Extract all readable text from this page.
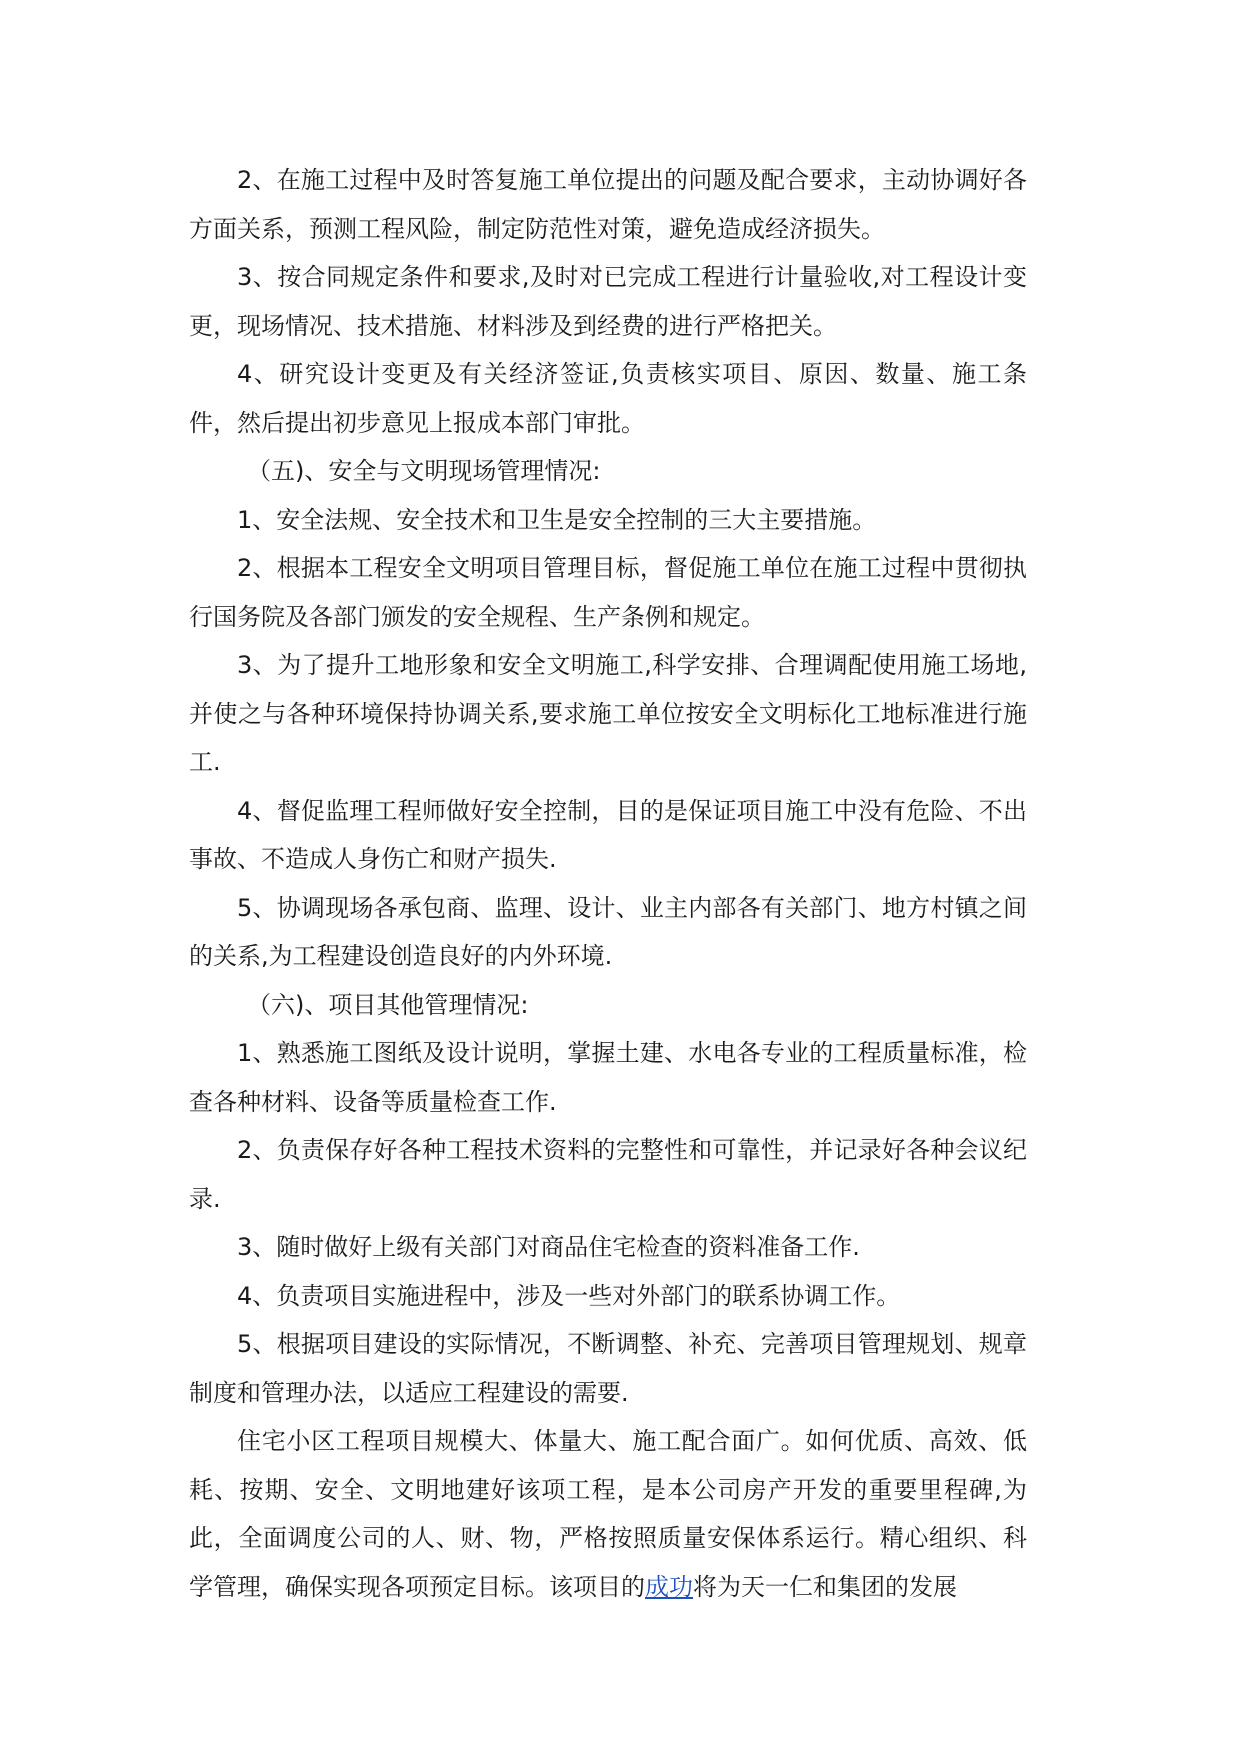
2、在施工过程中及时答复施工单位提出的问题及配合要求，主动协调好各方面关系，预测工程风险，制定防范性对策，避免造成经济损失。

3、按合同规定条件和要求,及时对已完成工程进行计量验收,对工程设计变更，现场情况、技术措施、材料涉及到经费的进行严格把关。

4、研究设计变更及有关经济签证,负责核实项目、原因、数量、施工条件，然后提出初步意见上报成本部门审批。

（五)、安全与文明现场管理情况:

1、安全法规、安全技术和卫生是安全控制的三大主要措施。

2、根据本工程安全文明项目管理目标，督促施工单位在施工过程中贯彻执行国务院及各部门颁发的安全规程、生产条例和规定。

3、为了提升工地形象和安全文明施工,科学安排、合理调配使用施工场地,并使之与各种环境保持协调关系,要求施工单位按安全文明标化工地标准进行施工.

4、督促监理工程师做好安全控制，目的是保证项目施工中没有危险、不出事故、不造成人身伤亡和财产损失.

5、协调现场各承包商、监理、设计、业主内部各有关部门、地方村镇之间的关系,为工程建设创造良好的内外环境.

（六)、项目其他管理情况:

1、熟悉施工图纸及设计说明，掌握土建、水电各专业的工程质量标准，检查各种材料、设备等质量检查工作.

2、负责保存好各种工程技术资料的完整性和可靠性，并记录好各种会议纪录.

3、随时做好上级有关部门对商品住宅检查的资料准备工作.

4、负责项目实施进程中，涉及一些对外部门的联系协调工作。

5、根据项目建设的实际情况，不断调整、补充、完善项目管理规划、规章制度和管理办法，以适应工程建设的需要.

住宅小区工程项目规模大、体量大、施工配合面广。如何优质、高效、低耗、按期、安全、文明地建好该项工程，是本公司房产开发的重要里程碑,为此，全面调度公司的人、财、物，严格按照质量安保体系运行。精心组织、科学管理，确保实现各项预定目标。该项目的成功将为天一仁和集团的发展
